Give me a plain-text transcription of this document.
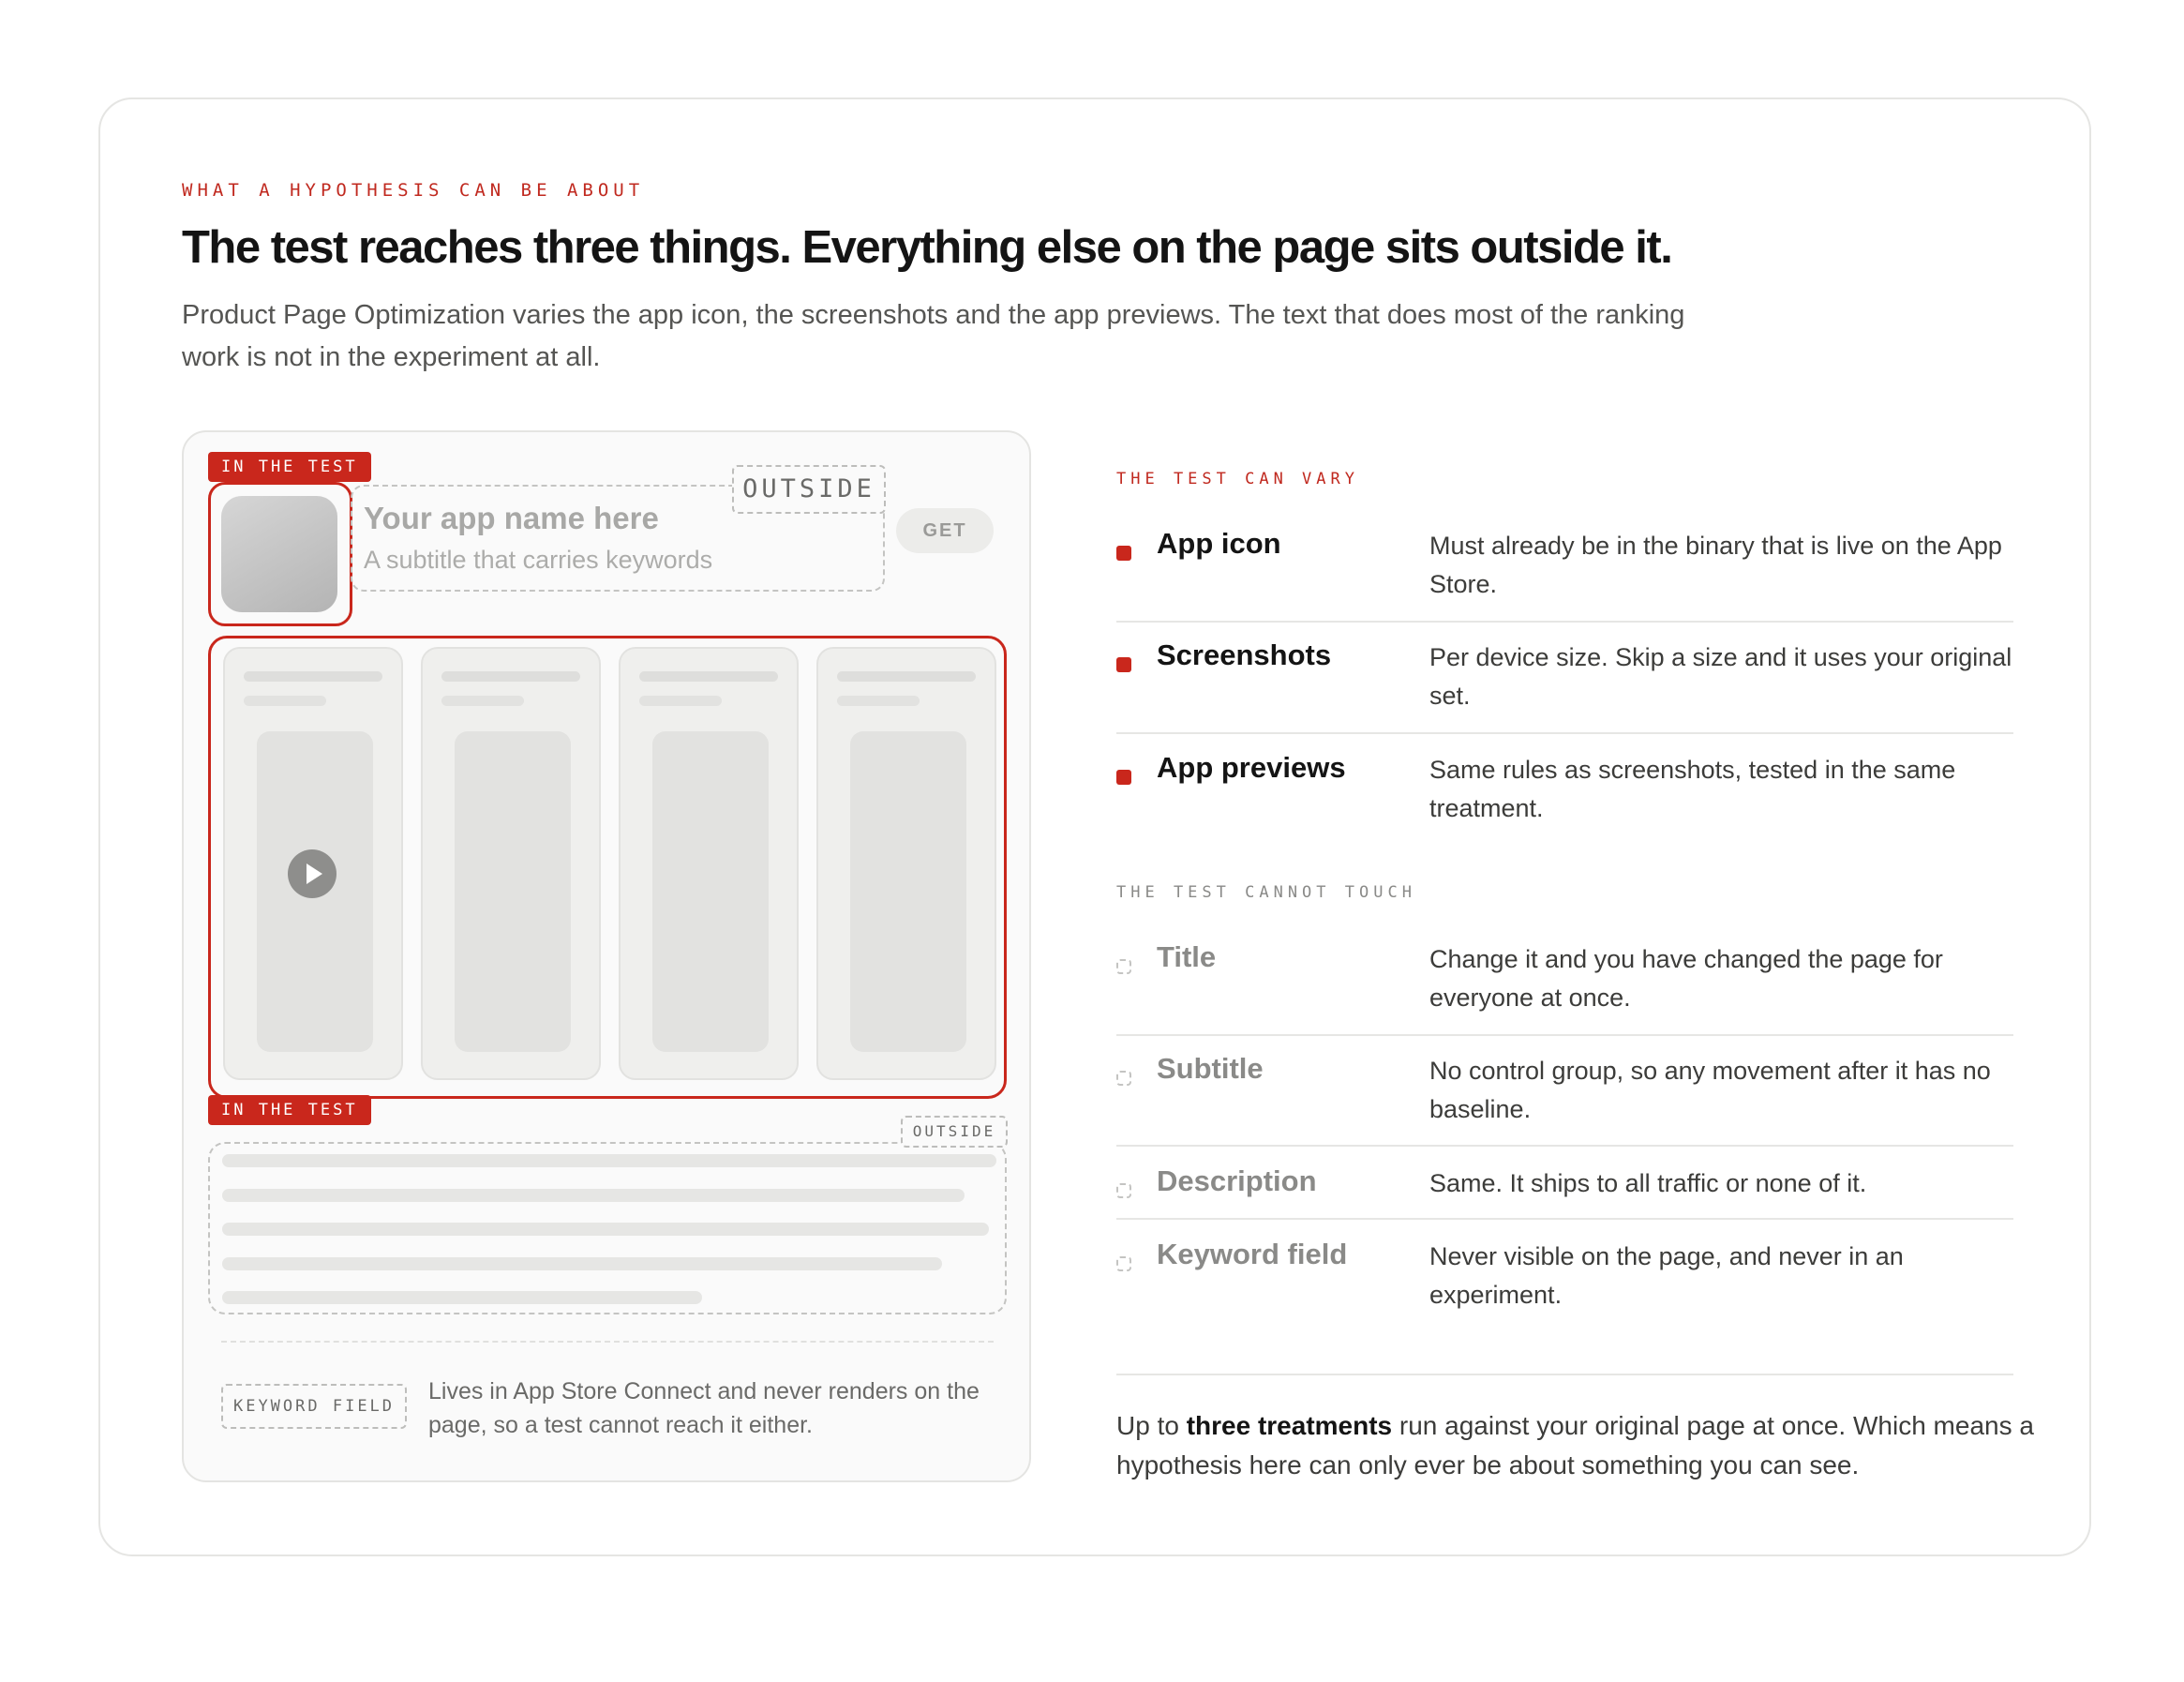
WHAT A HYPOTHESIS CAN BE ABOUT
The test reaches three things. Everything else on the page sits outside it.

Product Page Optimization varies the app icon, the screenshots and the app previews. The text that does most of the ranking work is not in the experiment at all.

IN THE TEST
OUTSIDE
Your app name here
A subtitle that carries keywords
GET
IN THE TEST
OUTSIDE
KEYWORD FIELD

Lives in App Store Connect and never renders on the page, so a test cannot reach it either.

THE TEST CAN VARY
App icon	Must already be in the binary that is live on the App Store.

Screenshots	Per device size. Skip a size and it uses your original set.

App previews	Same rules as screenshots, tested in the same treatment.

THE TEST CANNOT TOUCH
Title	Change it and you have changed the page for everyone at once.

Subtitle	No control group, so any movement after it has no baseline.

Description	Same. It ships to all traffic or none of it.

Keyword field	Never visible on the page, and never in an experiment.

Up to three treatments run against your original page at once. Which means a hypothesis here can only ever be about something you can see.
